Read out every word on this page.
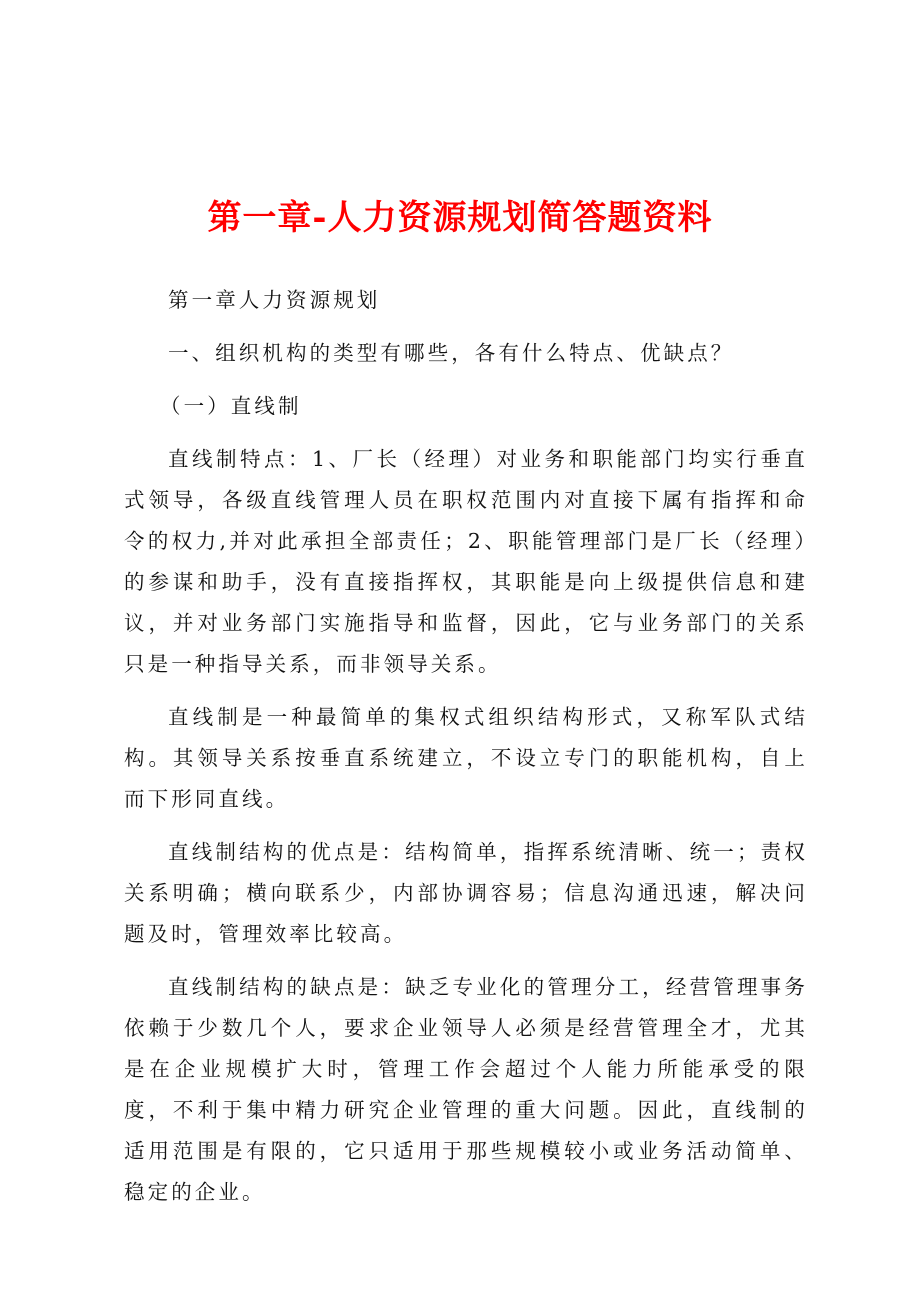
第一章-人力资源规划简答题资料

第一章人力资源规划

一、组织机构的类型有哪些，各有什么特点、优缺点？

（一）直线制

直线制特点：1、厂长（经理）对业务和职能部门均实行垂直式领导，各级直线管理人员在职权范围内对直接下属有指挥和命令的权力,并对此承担全部责任；2、职能管理部门是厂长（经理）的参谋和助手，没有直接指挥权，其职能是向上级提供信息和建议，并对业务部门实施指导和监督，因此，它与业务部门的关系只是一种指导关系，而非领导关系。

直线制是一种最简单的集权式组织结构形式，又称军队式结构。其领导关系按垂直系统建立，不设立专门的职能机构，自上而下形同直线。

直线制结构的优点是：结构简单，指挥系统清晰、统一；责权关系明确；横向联系少，内部协调容易；信息沟通迅速，解决问题及时，管理效率比较高。

直线制结构的缺点是：缺乏专业化的管理分工，经营管理事务依赖于少数几个人，要求企业领导人必须是经营管理全才，尤其是在企业规模扩大时，管理工作会超过个人能力所能承受的限度，不利于集中精力研究企业管理的重大问题。因此，直线制的适用范围是有限的，它只适用于那些规模较小或业务活动简单、稳定的企业。
